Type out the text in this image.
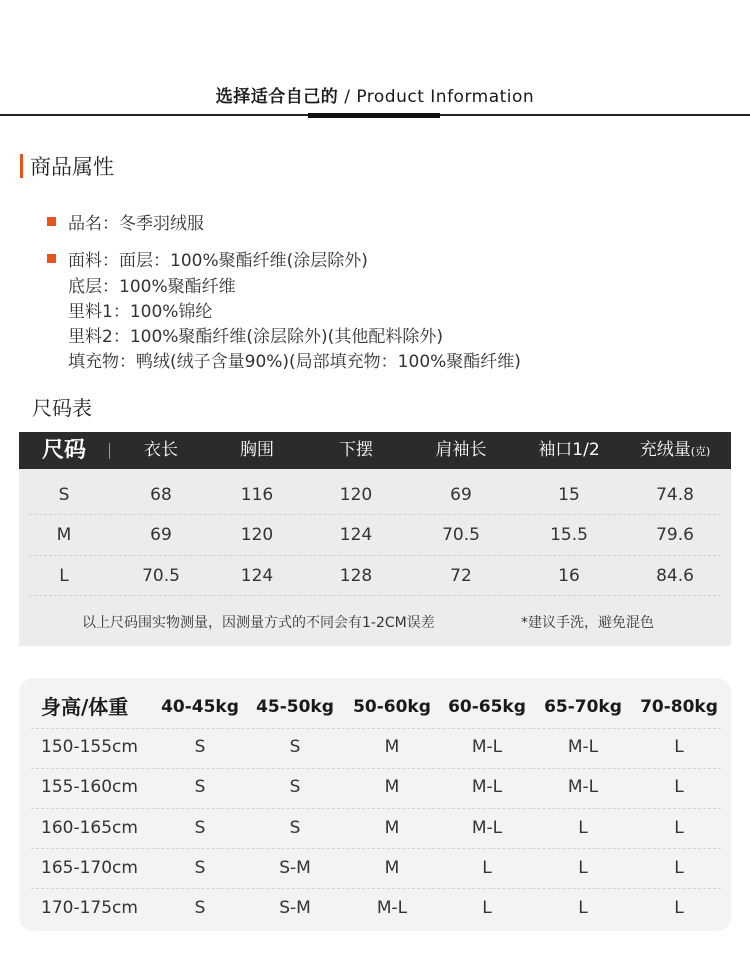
选择适合自己的 / Product Information
商品属性
品名：冬季羽绒服
面料：面层：100%聚酯纤维(涂层除外)
底层：100%聚酯纤维
里料1：100%锦纶
里料2：100%聚酯纤维(涂层除外)(其他配料除外)
填充物：鸭绒(绒子含量90%)(局部填充物：100%聚酯纤维)
尺码表
尺码	衣长	胸围	下摆	肩袖长	袖口1/2	充绒量(克)
S	68	116	120	69	15	74.8
M	69	120	124	70.5	15.5	79.6
L	70.5	124	128	72	16	84.6
以上尺码围实物测量，因测量方式的不同会有1-2CM误差	*建议手洗，避免混色
身高/体重	40-45kg	45-50kg	50-60kg	60-65kg	65-70kg	70-80kg
150-155cm	S	S	M	M-L	M-L	L
155-160cm	S	S	M	M-L	M-L	L
160-165cm	S	S	M	M-L	L	L
165-170cm	S	S-M	M	L	L	L
170-175cm	S	S-M	M-L	L	L	L
